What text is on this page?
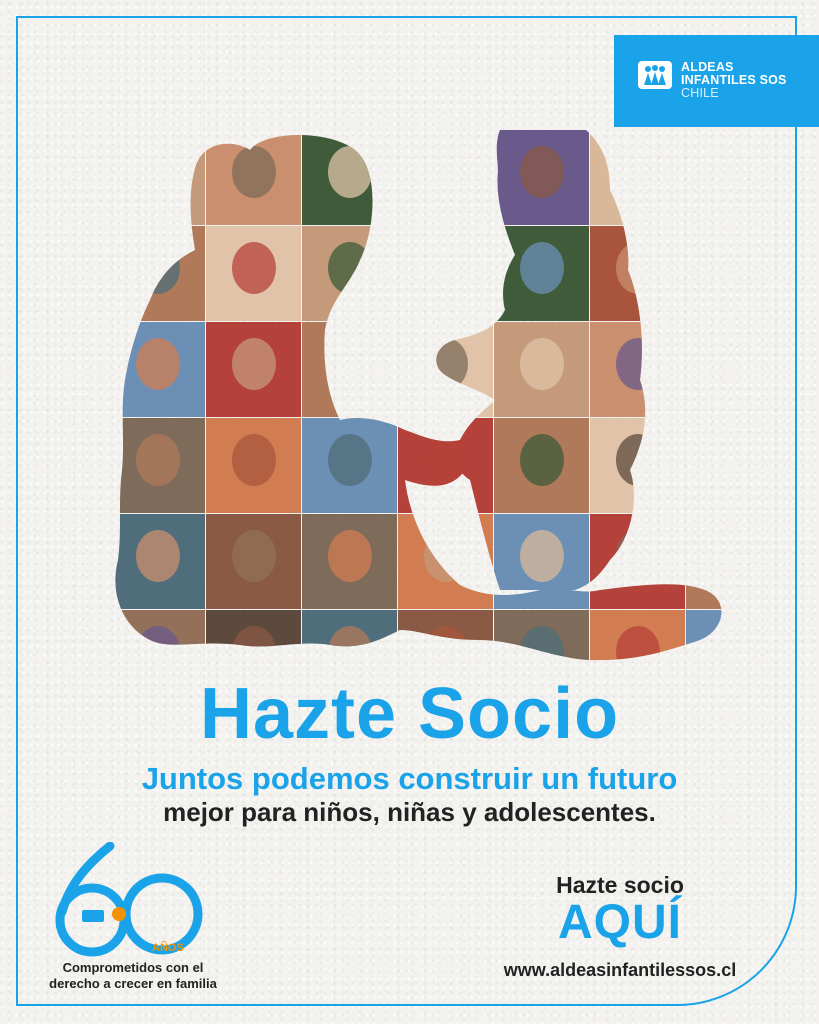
ALDEAS
INFANTILES SOS
CHILE
Hazte Socio
Juntos podemos construir un futuro
mejor para niños, niñas y adolescentes.
AÑOS
Comprometidos con el
derecho a crecer en familia
Hazte socio
AQUÍ
www.aldeasinfantilessos.cl
